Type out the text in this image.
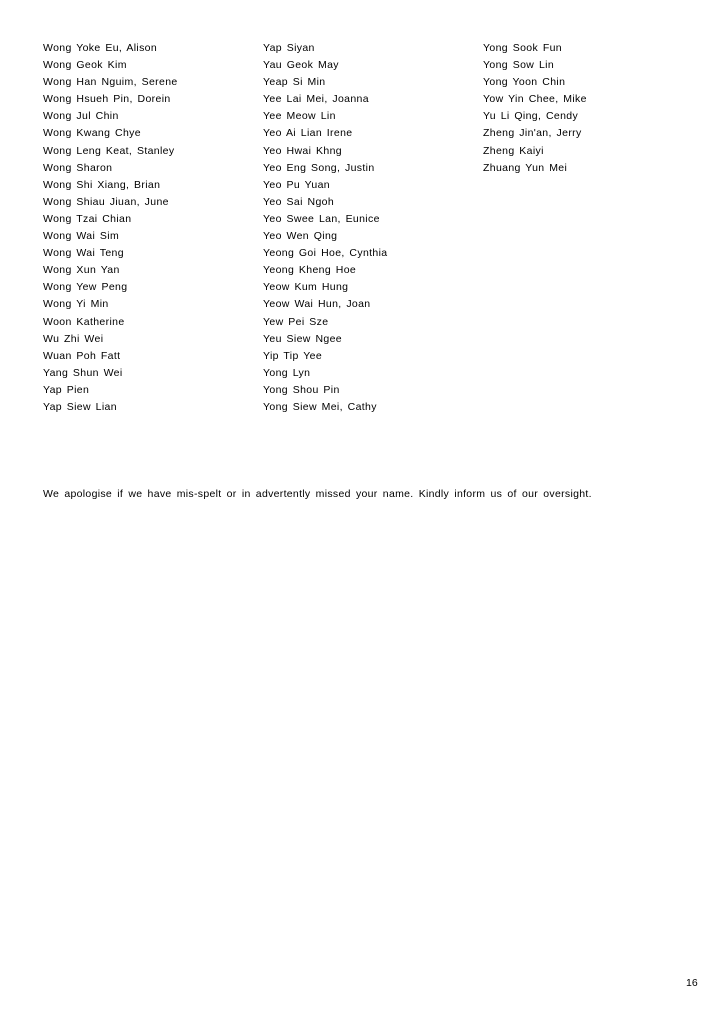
Wong Yoke Eu, Alison
Wong Geok Kim
Wong Han Nguim, Serene
Wong Hsueh Pin, Dorein
Wong Jul Chin
Wong Kwang Chye
Wong Leng Keat, Stanley
Wong Sharon
Wong Shi Xiang, Brian
Wong Shiau Jiuan, June
Wong Tzai Chian
Wong Wai Sim
Wong Wai Teng
Wong Xun Yan
Wong Yew Peng
Wong Yi Min
Woon Katherine
Wu Zhi Wei
Wuan Poh Fatt
Yang Shun Wei
Yap Pien
Yap Siew Lian
Yap Siyan
Yau Geok May
Yeap Si Min
Yee Lai Mei, Joanna
Yee Meow Lin
Yeo Ai Lian Irene
Yeo Hwai Khng
Yeo Eng Song, Justin
Yeo Pu Yuan
Yeo Sai Ngoh
Yeo Swee Lan, Eunice
Yeo Wen Qing
Yeong Goi Hoe, Cynthia
Yeong Kheng Hoe
Yeow Kum Hung
Yeow Wai Hun, Joan
Yew Pei Sze
Yeu Siew Ngee
Yip Tip Yee
Yong Lyn
Yong Shou Pin
Yong Siew Mei, Cathy
Yong Sook Fun
Yong Sow Lin
Yong Yoon Chin
Yow Yin Chee, Mike
Yu Li Qing, Cendy
Zheng Jin'an, Jerry
Zheng Kaiyi
Zhuang Yun Mei
We apologise if we have mis-spelt or in advertently missed your name. Kindly inform us of our oversight.
16
